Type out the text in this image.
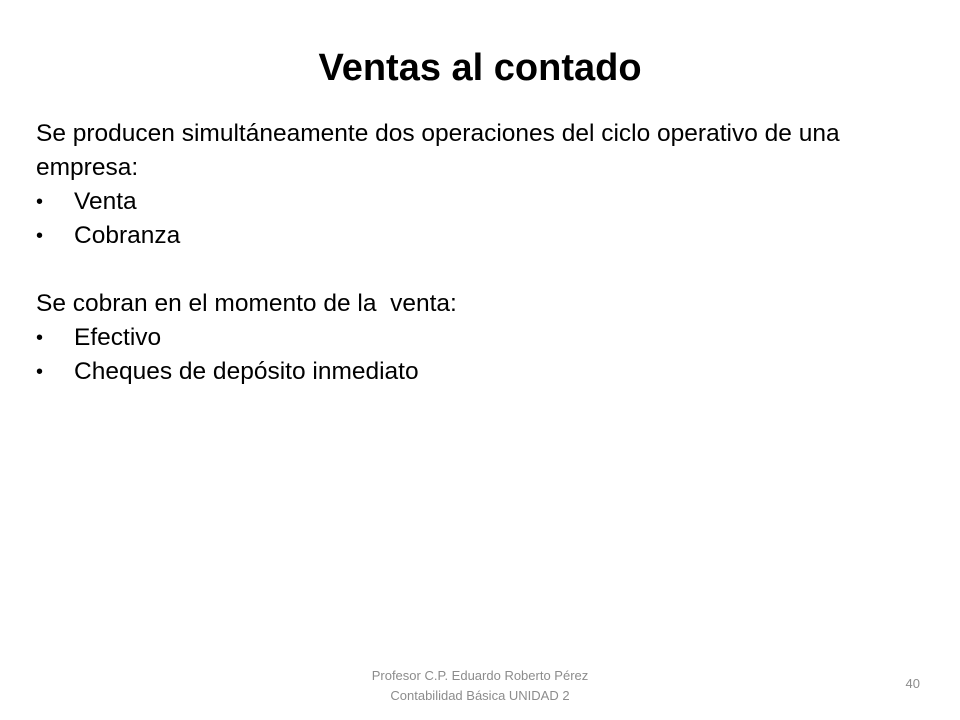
Ventas al contado

Se producen simultáneamente dos operaciones del ciclo operativo de una empresa:

•	Venta
•	Cobranza

Se cobran en el momento de la  venta:

•	Efectivo
•	Cheques de depósito inmediato
Profesor C.P. Eduardo Roberto Pérez
Contabilidad Básica UNIDAD 2
40
